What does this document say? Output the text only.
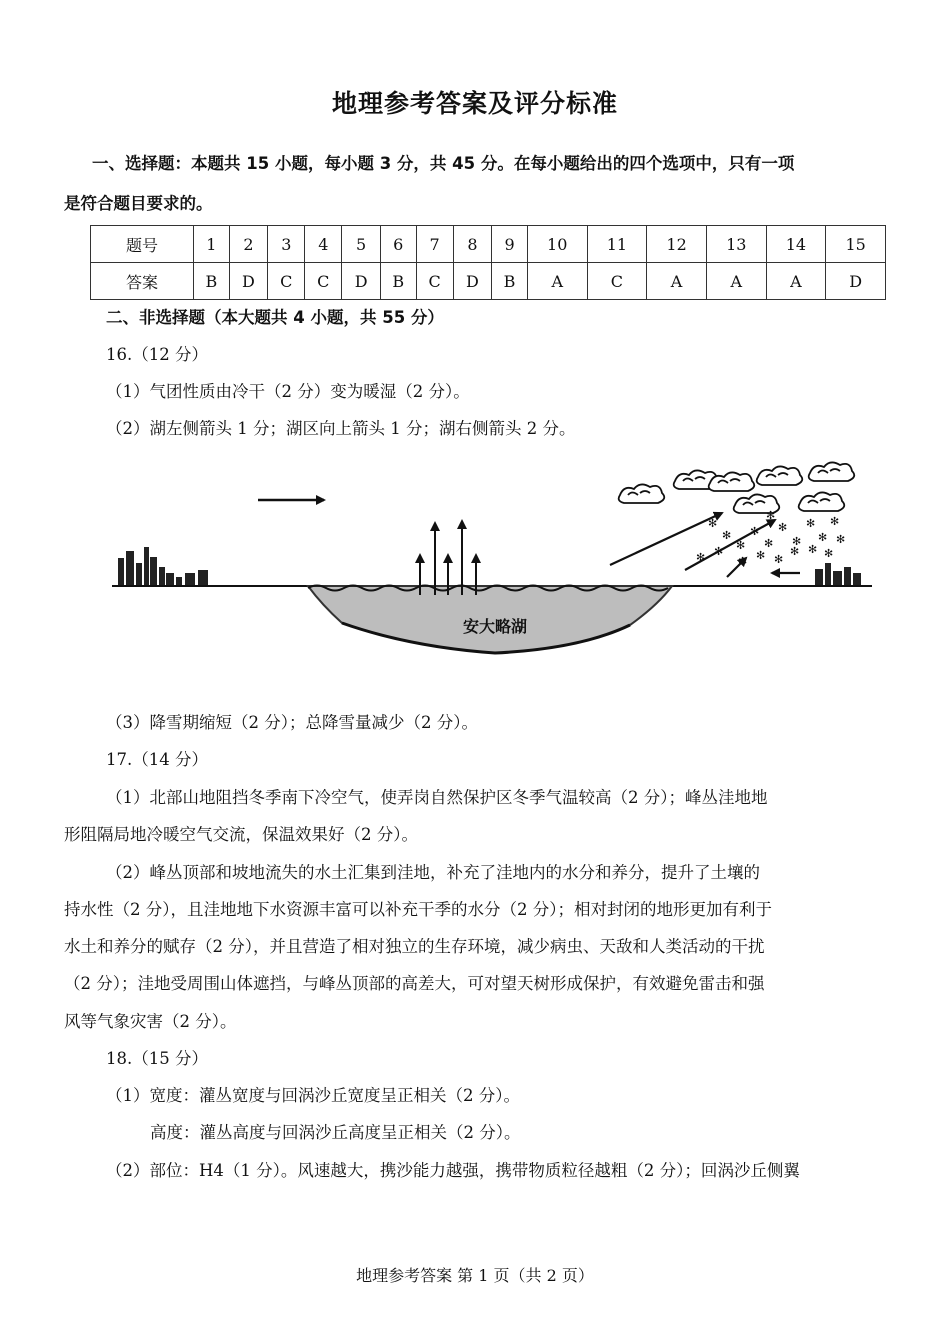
地理参考答案及评分标准
一、选择题：本题共 15 小题，每小题 3 分，共 45 分。在每小题给出的四个选项中，只有一项
是符合题目要求的。
题号	1	2	3	4	5	6	7	8	9	10	11	12	13	14	15
答案	B	D	C	C	D	B	C	D	B	A	C	A	A	A	D
二、非选择题（本大题共 4 小题，共 55 分）
16.（12 分）
（1）气团性质由冷干（2 分）变为暖湿（2 分）。
（2）湖左侧箭头 1 分；湖区向上箭头 1 分；湖右侧箭头 2 分。
安大略湖
✻
✻
✻
✻
✻
✻
✻
✻
✻
✻
✻
✻ ✻ ✻
✻ ✻ ✻
✻
✻
✻
（3）降雪期缩短（2 分）；总降雪量减少（2 分）。
17.（14 分）
（1）北部山地阻挡冬季南下冷空气，使弄岗自然保护区冬季气温较高（2 分）；峰丛洼地地
形阻隔局地冷暖空气交流，保温效果好（2 分）。
（2）峰丛顶部和坡地流失的水土汇集到洼地，补充了洼地内的水分和养分，提升了土壤的
持水性（2 分），且洼地地下水资源丰富可以补充干季的水分（2 分）；相对封闭的地形更加有利于
水土和养分的赋存（2 分），并且营造了相对独立的生存环境，减少病虫、天敌和人类活动的干扰
（2 分）；洼地受周围山体遮挡，与峰丛顶部的高差大，可对望天树形成保护，有效避免雷击和强
风等气象灾害（2 分）。
18.（15 分）
（1）宽度：灌丛宽度与回涡沙丘宽度呈正相关（2 分）。
高度：灌丛高度与回涡沙丘高度呈正相关（2 分）。
（2）部位：H4（1 分）。风速越大，携沙能力越强，携带物质粒径越粗（2 分）；回涡沙丘侧翼
地理参考答案 第 1 页（共 2 页）
